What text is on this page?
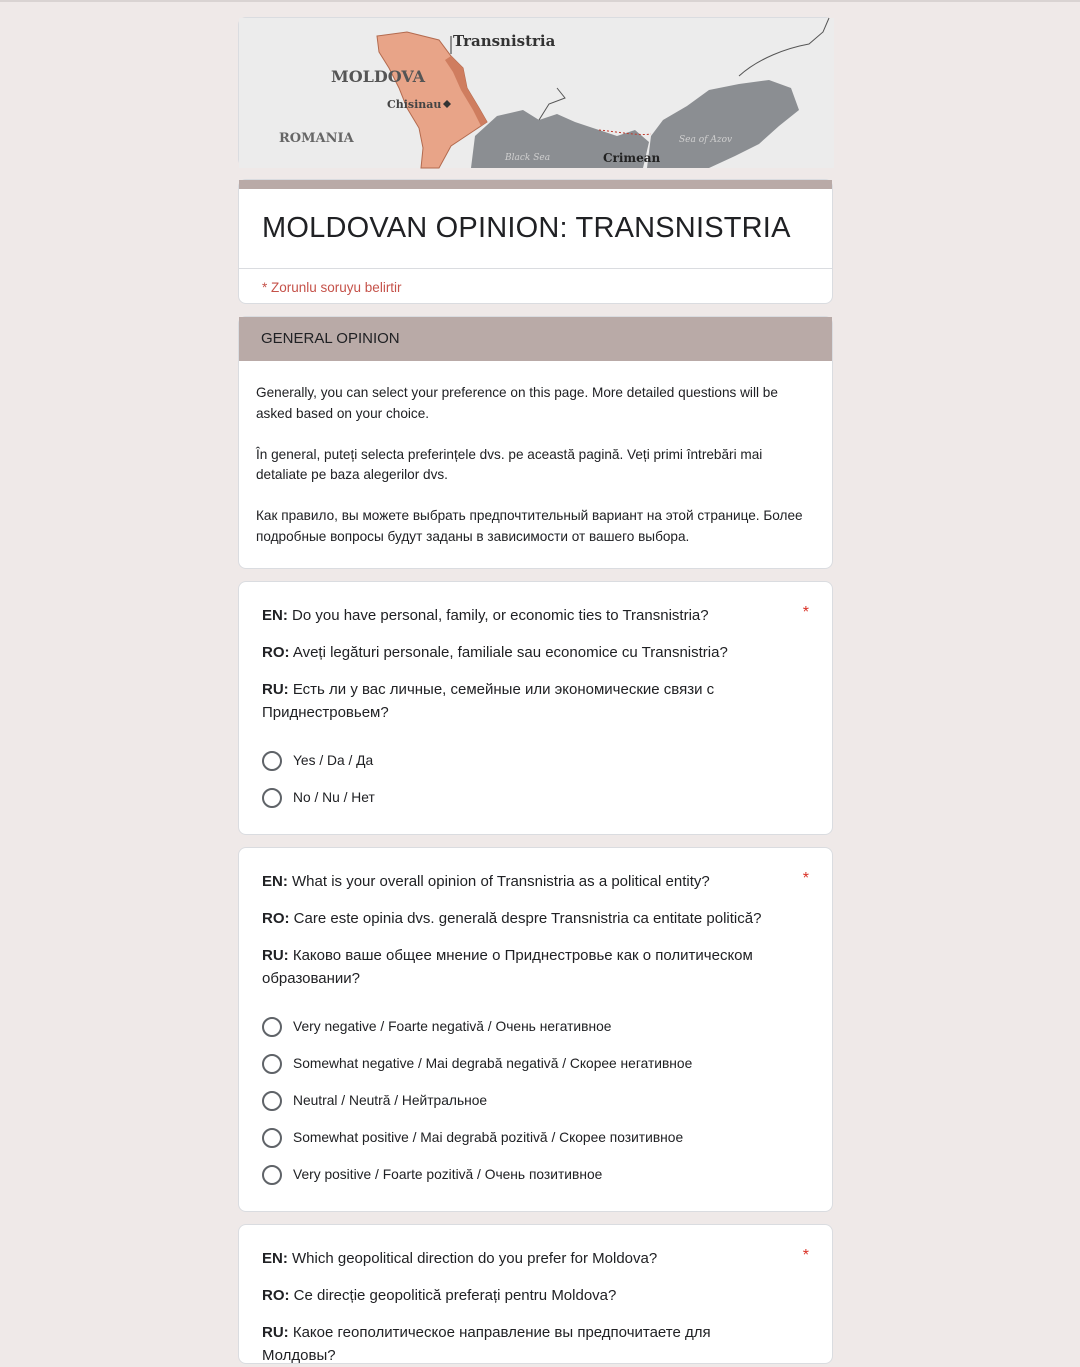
Transnistria
MOLDOVA
Chisinau
ROMANIA
Black Sea	Crimean
Sea of Azov
MOLDOVAN OPINION: TRANSNISTRIA
* Zorunlu soruyu belirtir
GENERAL OPINION

Generally, you can select your preference on this page. More detailed questions will be asked based on your choice.

În general, puteți selecta preferințele dvs. pe această pagină. Veți primi întrebări mai detaliate pe baza alegerilor dvs.

Как правило, вы можете выбрать предпочтительный вариант на этой странице. Более подробные вопросы будут заданы в зависимости от вашего выбора.

*
EN: Do you have personal, family, or economic ties to Transnistria?
RO: Aveți legături personale, familiale sau economice cu Transnistria?
RU: Есть ли у вас личные, семейные или экономические связи с Приднестровьем?
Yes / Da / Да
No / Nu / Нет
*
EN: What is your overall opinion of Transnistria as a political entity?
RO: Care este opinia dvs. generală despre Transnistria ca entitate politică?
RU: Каково ваше общее мнение о Приднестровье как о политическом образовании?
Very negative / Foarte negativă / Очень негативное
Somewhat negative / Mai degrabă negativă / Скорее негативное
Neutral / Neutră / Нейтральное
Somewhat positive / Mai degrabă pozitivă / Скорее позитивное
Very positive / Foarte pozitivă / Очень позитивное
*
EN: Which geopolitical direction do you prefer for Moldova?
RO: Ce direcție geopolitică preferați pentru Moldova?
RU: Какое геополитическое направление вы предпочитаете для Молдовы?
